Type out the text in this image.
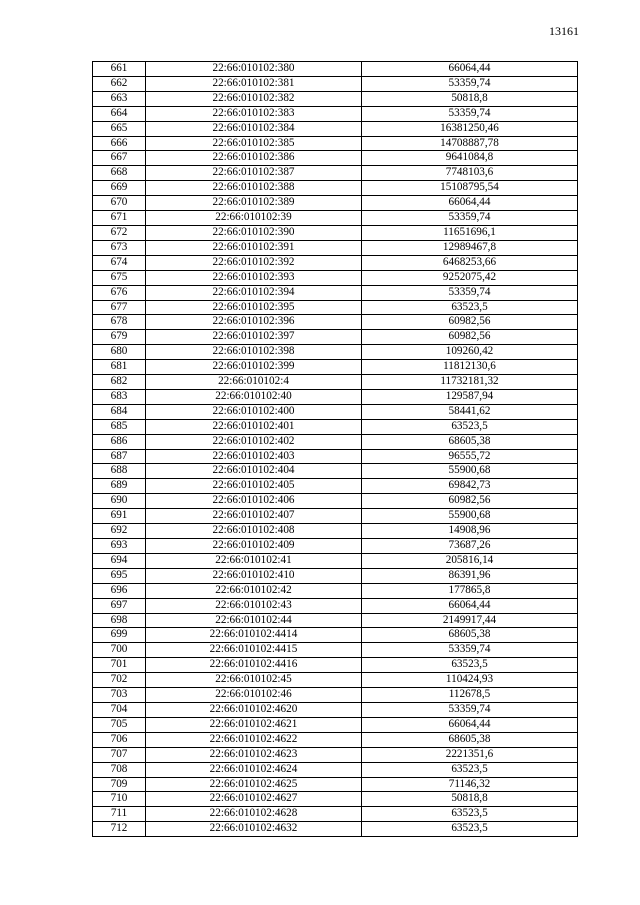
13161
661	22:66:010102:380	66064,44
662	22:66:010102:381	53359,74
663	22:66:010102:382	50818,8
664	22:66:010102:383	53359,74
665	22:66:010102:384	16381250,46
666	22:66:010102:385	14708887,78
667	22:66:010102:386	9641084,8
668	22:66:010102:387	7748103,6
669	22:66:010102:388	15108795,54
670	22:66:010102:389	66064,44
671	22:66:010102:39	53359,74
672	22:66:010102:390	11651696,1
673	22:66:010102:391	12989467,8
674	22:66:010102:392	6468253,66
675	22:66:010102:393	9252075,42
676	22:66:010102:394	53359,74
677	22:66:010102:395	63523,5
678	22:66:010102:396	60982,56
679	22:66:010102:397	60982,56
680	22:66:010102:398	109260,42
681	22:66:010102:399	11812130,6
682	22:66:010102:4	11732181,32
683	22:66:010102:40	129587,94
684	22:66:010102:400	58441,62
685	22:66:010102:401	63523,5
686	22:66:010102:402	68605,38
687	22:66:010102:403	96555,72
688	22:66:010102:404	55900,68
689	22:66:010102:405	69842,73
690	22:66:010102:406	60982,56
691	22:66:010102:407	55900,68
692	22:66:010102:408	14908,96
693	22:66:010102:409	73687,26
694	22:66:010102:41	205816,14
695	22:66:010102:410	86391,96
696	22:66:010102:42	177865,8
697	22:66:010102:43	66064,44
698	22:66:010102:44	2149917,44
699	22:66:010102:4414	68605,38
700	22:66:010102:4415	53359,74
701	22:66:010102:4416	63523,5
702	22:66:010102:45	110424,93
703	22:66:010102:46	112678,5
704	22:66:010102:4620	53359,74
705	22:66:010102:4621	66064,44
706	22:66:010102:4622	68605,38
707	22:66:010102:4623	2221351,6
708	22:66:010102:4624	63523,5
709	22:66:010102:4625	71146,32
710	22:66:010102:4627	50818,8
711	22:66:010102:4628	63523,5
712	22:66:010102:4632	63523,5
